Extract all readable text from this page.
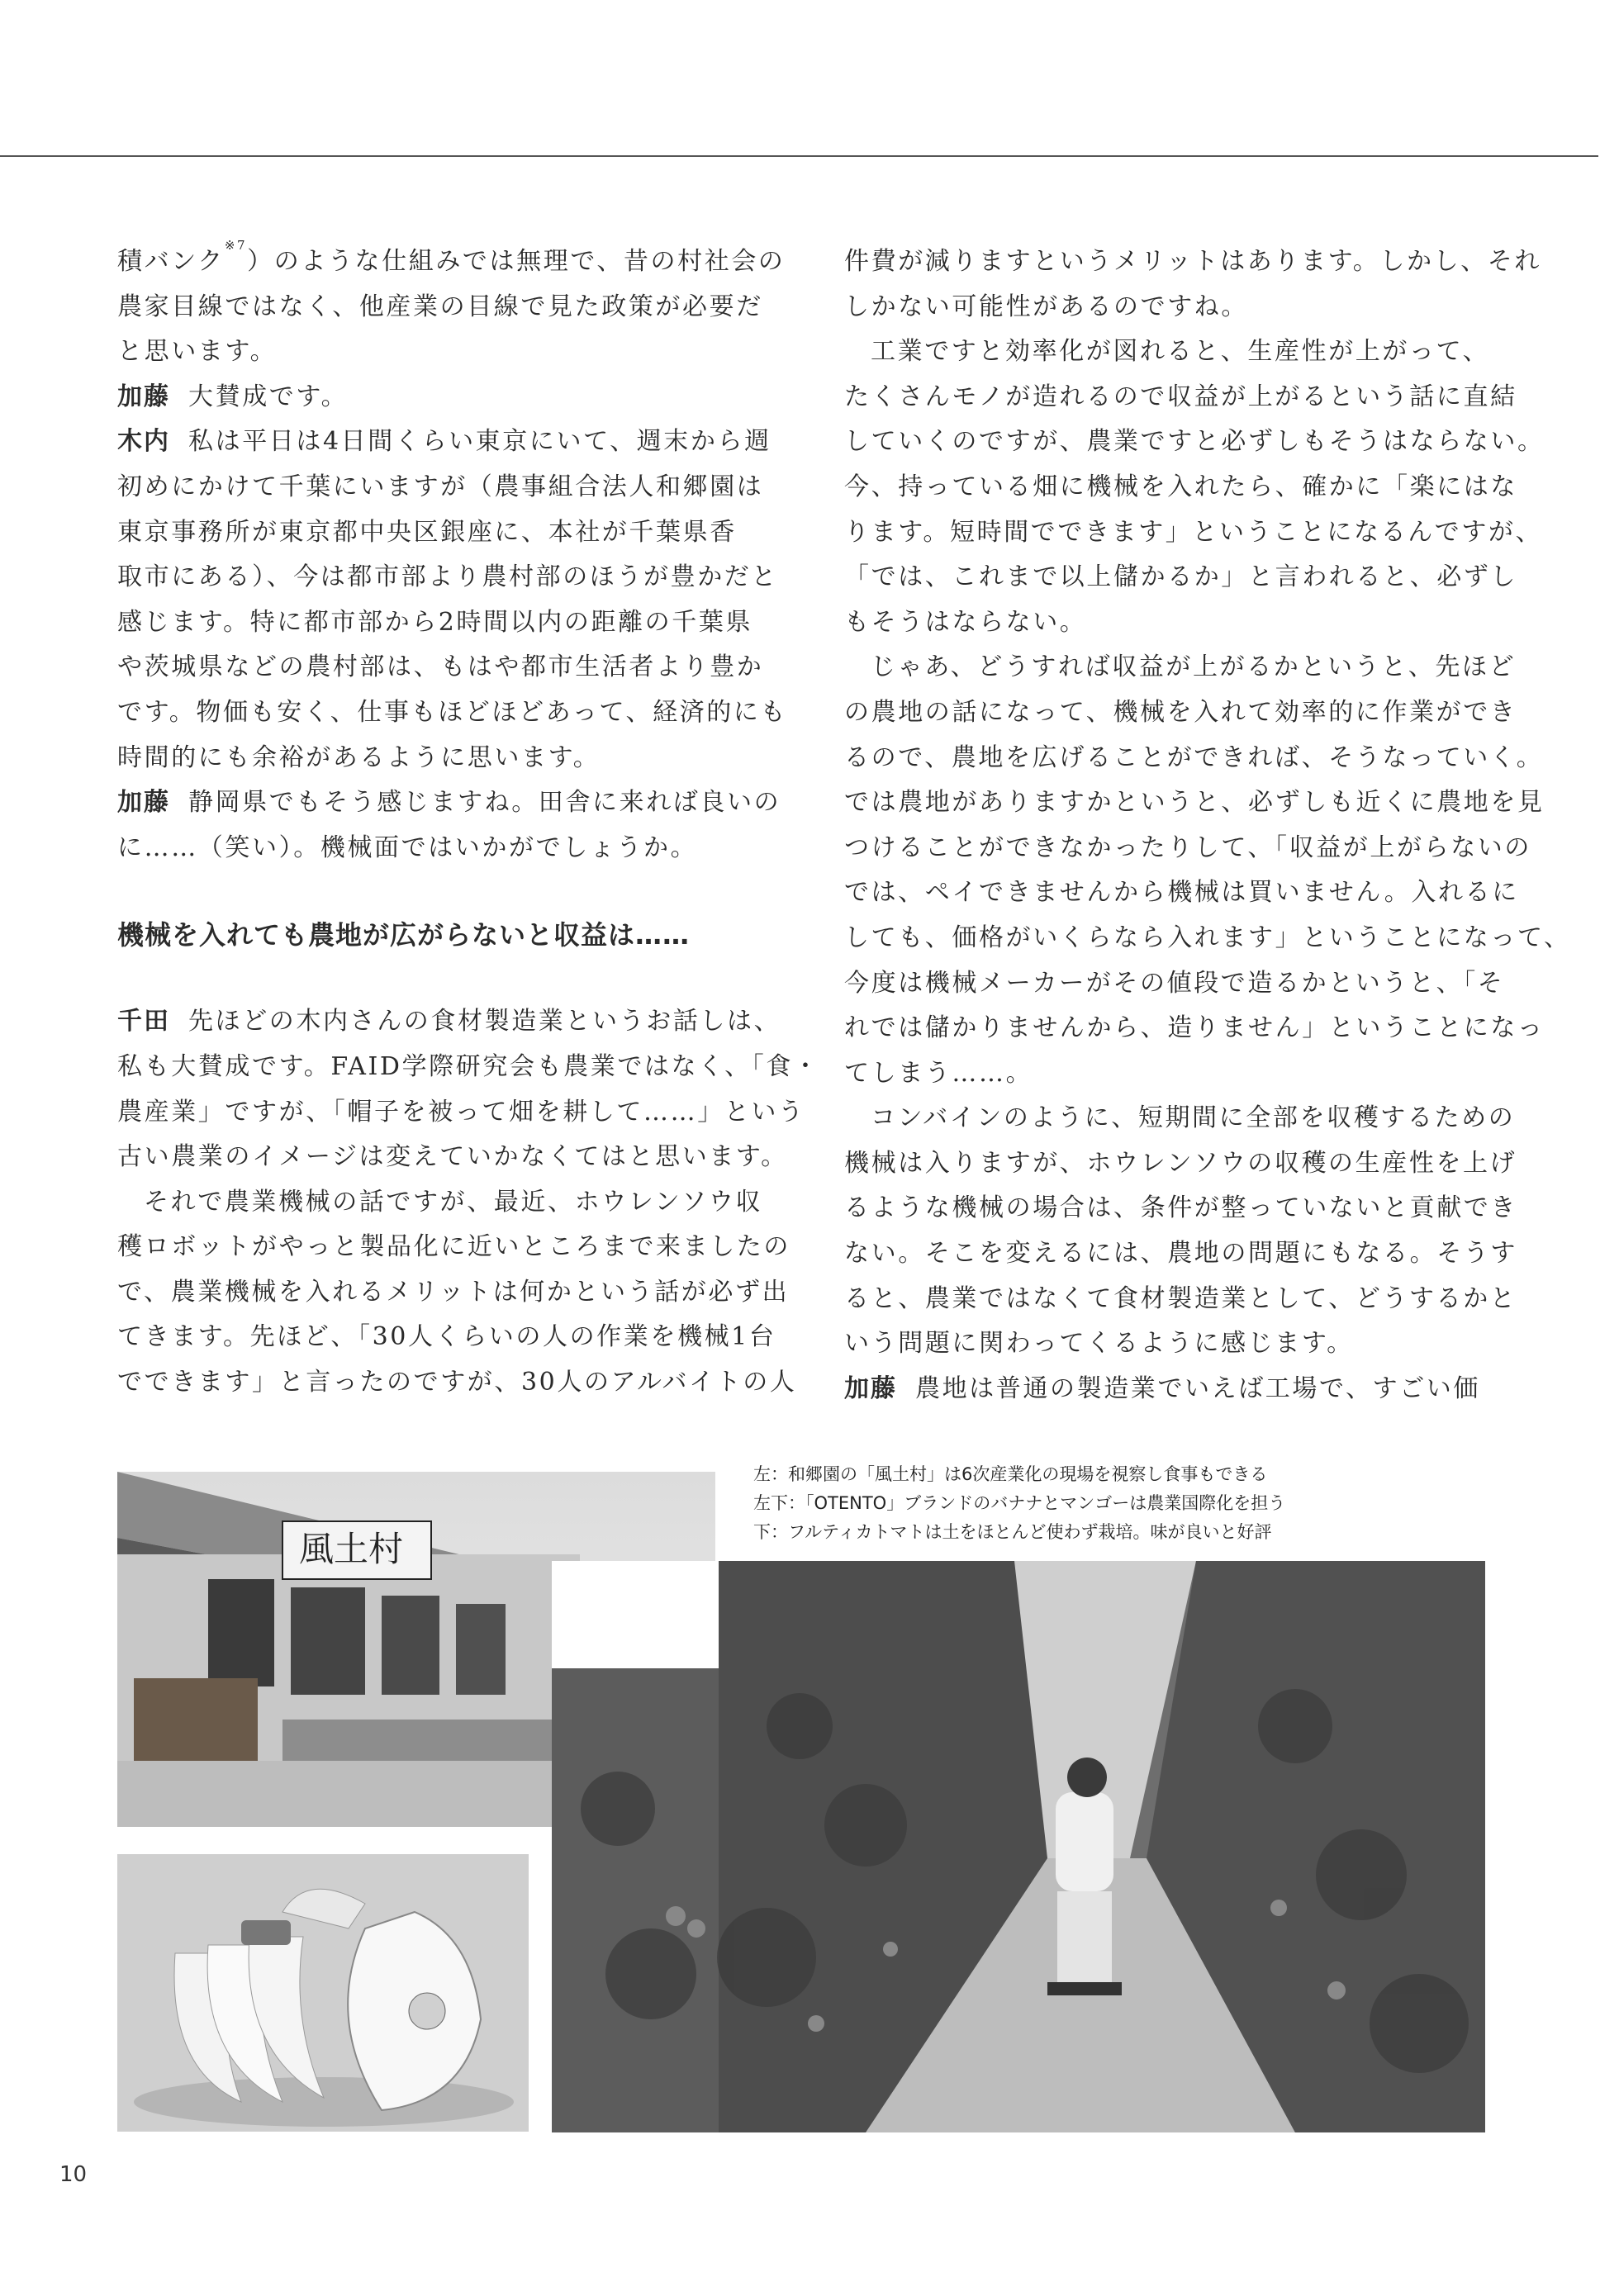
積バンク$^{※7}$）のような仕組みでは無理で、昔の村社会の
農家目線ではなく、他産業の目線で見た政策が必要だ
と思います。
加藤 大賛成です。
木内 私は平日は4日間くらい東京にいて、週末から週
初めにかけて千葉にいますが（農事組合法人和郷園は
東京事務所が東京都中央区銀座に、本社が千葉県香
取市にある）、今は都市部より農村部のほうが豊かだと
感じます。特に都市部から2時間以内の距離の千葉県
や茨城県などの農村部は、もはや都市生活者より豊か
です。物価も安く、仕事もほどほどあって、経済的にも
時間的にも余裕があるように思います。
加藤 静岡県でもそう感じますね。田舎に来れば良いの
に……（笑い）。機械面ではいかがでしょうか。
機械を入れても農地が広がらないと収益は……
千田 先ほどの木内さんの食材製造業というお話しは、
私も大賛成です。FAID学際研究会も農業ではなく、「食・
農産業」ですが、「帽子を被って畑を耕して……」という
古い農業のイメージは変えていかなくてはと思います。
それで農業機械の話ですが、最近、ホウレンソウ収
穫ロボットがやっと製品化に近いところまで来ましたの
で、農業機械を入れるメリットは何かという話が必ず出
てきます。先ほど、「30人くらいの人の作業を機械1台
でできます」と言ったのですが、30人のアルバイトの人
件費が減りますというメリットはあります。しかし、それ
しかない可能性があるのですね。
工業ですと効率化が図れると、生産性が上がって、
たくさんモノが造れるので収益が上がるという話に直結
していくのですが、農業ですと必ずしもそうはならない。
今、持っている畑に機械を入れたら、確かに「楽にはな
ります。短時間でできます」ということになるんですが、
「では、これまで以上儲かるか」と言われると、必ずし
もそうはならない。
じゃあ、どうすれば収益が上がるかというと、先ほど
の農地の話になって、機械を入れて効率的に作業ができ
るので、農地を広げることができれば、そうなっていく。
では農地がありますかというと、必ずしも近くに農地を見
つけることができなかったりして、「収益が上がらないの
では、ペイできませんから機械は買いません。入れるに
しても、価格がいくらなら入れます」ということになって、
今度は機械メーカーがその値段で造るかというと、「そ
れでは儲かりませんから、造りません」ということになっ
てしまう……。
コンバインのように、短期間に全部を収穫するための
機械は入りますが、ホウレンソウの収穫の生産性を上げ
るような機械の場合は、条件が整っていないと貢献でき
ない。そこを変えるには、農地の問題にもなる。そうす
ると、農業ではなくて食材製造業として、どうするかと
いう問題に関わってくるように感じます。
加藤 農地は普通の製造業でいえば工場で、すごい価
風土村
左：和郷園の「風土村」は6次産業化の現場を視察し食事もできる
左下：「OTENTO」ブランドのバナナとマンゴーは農業国際化を担う
下：フルティカトマトは土をほとんど使わず栽培。味が良いと好評
10
